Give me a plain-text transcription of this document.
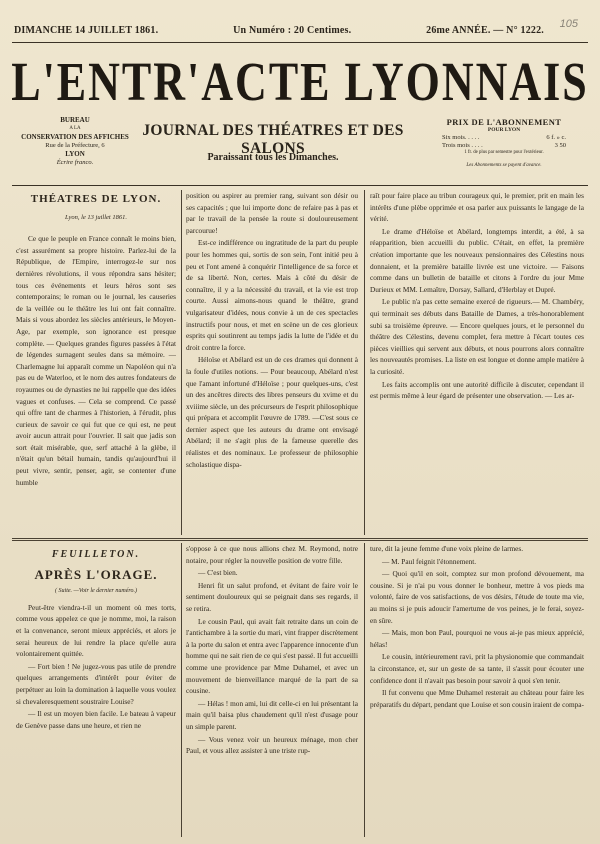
DIMANCHE 14 JUILLET 1861.	Un Numéro : 20 Centimes.	26me ANNÉE. — N° 1222. 105
L'ENTR'ACTE LYONNAIS
BUREAU
A LA
CONSERVATION DES AFFICHES
Rue de la Préfecture, 6
LYON
Écrire franco.
JOURNAL DES THÉATRES ET DES SALONS
Paraissant tous les Dimanches.
PRIX DE L'ABONNEMENT
POUR LYON
Six mois. . . . .	6 f. » c.
Trois mois . . . .	3 50
1 fr. de plus par semestre pour l'extérieur.
Les Abonnements se payent d'avance.
THÉATRES DE LYON.
Lyon, le 13 juillet 1861.

Ce que le peuple en France connaît le moins bien, c'est assurément sa propre histoire. Parlez-lui de la République, de l'Empire, interrogez-le sur nos dernières révolutions, il vous répondra sans hésiter; tous ces événements et leurs héros sont ses contemporains; le roman ou le journal, les causeries de la veillée ou le théâtre les lui ont fait connaître. Mais si vous abordez les siècles antérieurs, le Moyen-Age, par exemple, son ignorance est presque complète. — Quelques grandes figures passées à l'état de légendes surnagent seules dans sa mémoire. — Charlemagne lui apparaît comme un Napoléon qui n'a pas eu de Waterloo, et le nom des autres fondateurs de royaumes ou de dynasties ne lui rappelle que des idées vagues et confuses. — Cela se comprend. Ce passé qui offre tant de charmes à l'historien, à l'érudit, plus curieux de savoir ce qui fut que ce qui est, ne peut avoir aucun attrait pour l'ouvrier. Il sait que jadis son sort était misérable, que, serf attaché à la glèbe, il n'était qu'un bétail humain, tandis qu'aujourd'hui il peut vivre, sentir, penser, agir, se contenter d'une humble

position ou aspirer au premier rang, suivant son désir ou ses capacités ; que lui importe donc de refaire pas à pas et par le travail de la pensée la route si douloureusement parcourue!

Est-ce indifférence ou ingratitude de la part du peuple pour les hommes qui, sortis de son sein, l'ont initié peu à peu et l'ont amené à conquérir l'intelligence de sa force et de sa liberté. Non, certes. Mais à côté du désir de connaître, il y a la nécessité du travail, et la vie est trop courte. Aussi aimons-nous quand le théâtre, grand vulgarisateur d'idées, nous convie à un de ces spectacles instructifs pour nous, et met en scène un de ces glorieux esprits qui soutinrent au temps jadis la lutte de l'idée et du droit contre la force.

Héloïse et Abélard est un de ces drames qui donnent à la foule d'utiles notions. — Pour beaucoup, Abélard n'est que l'amant infortuné d'Héloïse ; pour quelques-uns, c'est un des ancêtres directs des libres penseurs du xvime et du xviiime siècle, un des précurseurs de l'esprit philosophique qui prépara et accomplit l'œuvre de 1789. —C'est sous ce dernier aspect que les auteurs du drame ont envisagé Abélard; il ne s'agit plus de la fameuse querelle des réalistes et des nominaux. Le professeur de philosophie scholastique dispa-

raît pour faire place au tribun courageux qui, le premier, prit en main les intérêts d'une plèbe opprimée et osa parler aux puissants le langage de la vérité.

Le drame d'Héloïse et Abélard, longtemps interdit, a été, à sa réapparition, bien accueilli du public. C'était, en effet, la première création importante que les nouveaux pensionnaires des Célestins nous donnaient, et la première bataille livrée est une victoire. — Faisons comme dans un bulletin de bataille et citons à l'ordre du jour Mme Durieux et MM. Lemaître, Dorsay, Sallard, d'Herblay et Dupré.

Le public n'a pas cette semaine exercé de rigueurs.— M. Chambéry, qui terminait ses débuts dans Bataille de Dames, a très-honorablement subi sa troisième épreuve. — Encore quelques jours, et le personnel du théâtre des Célestins, devenu complet, fera mettre à l'écart toutes ces pièces vieillies qui servent aux débuts, et nous pourrons alors connaître les nouveautés promises. La liste en est longue et donne ample matière à la curiosité.

Les faits accomplis ont une autorité difficile à discuter, cependant il est permis même à leur égard de présenter une observation. — Les ar-

FEUILLETON.
APRÈS L'ORAGE.
( Suite. —Voir le dernier numéro.)

Peut-être viendra-t-il un moment où mes torts, comme vous appelez ce que je nomme, moi, la raison et la convenance, seront mieux appréciés, et alors je serai heureux de lui rendre la place qu'elle aura volontairement quittée.

— Fort bien ! Ne jugez-vous pas utile de prendre quelques arrangements d'intérêt pour éviter de perpétuer au loin la domination à laquelle vous voulez si chevaleresquement soustraire Louise?

— Il est un moyen bien facile. Le bateau à vapeur de Genève passe dans une heure, et rien ne

s'oppose à ce que nous allions chez M. Reymond, notre notaire, pour régler la nouvelle position de votre fille.

— C'est bien.

Henri fit un salut profond, et évitant de faire voir le sentiment douloureux qui se peignait dans ses regards, il se retira.

Le cousin Paul, qui avait fait retraite dans un coin de l'antichambre à la sortie du mari, vint frapper discrètement à la porte du salon et entra avec l'apparence innocente d'un homme qui ne sait rien de ce qui s'est passé. Il fut accueilli comme une providence par Mme Duhamel, et avec un mouvement de bienveillance marqué de la part de sa cousine.

— Hélas ! mon ami, lui dit celle-ci en lui présentant la main qu'il baisa plus chaudement qu'il n'est d'usage pour un simple parent.

— Vous venez voir un heureux ménage, mon cher Paul, et vous allez assister à une triste rup-

ture, dit la jeune femme d'une voix pleine de larmes.

— M. Paul feignit l'étonnement.

— Quoi qu'il en soit, comptez sur mon profond dévouement, ma cousine. Si je n'ai pu vous donner le bonheur, mettre à vos pieds ma volonté, faire de vos satisfactions, de vos désirs, l'étude de toute ma vie, au moins si je puis adoucir l'amertume de vos peines, je le ferai, soyez-en sûre.

— Mais, mon bon Paul, pourquoi ne vous ai-je pas mieux apprécié, hélas!

Le cousin, intérieurement ravi, prit la physionomie que commandait la circonstance, et, sur un geste de sa tante, il s'assit pour écouter une confidence dont il n'avait pas besoin pour savoir à quoi s'en tenir.

Il fut convenu que Mme Duhamel resterait au château pour faire les préparatifs du départ, pendant que Louise et son cousin iraient de compa-
